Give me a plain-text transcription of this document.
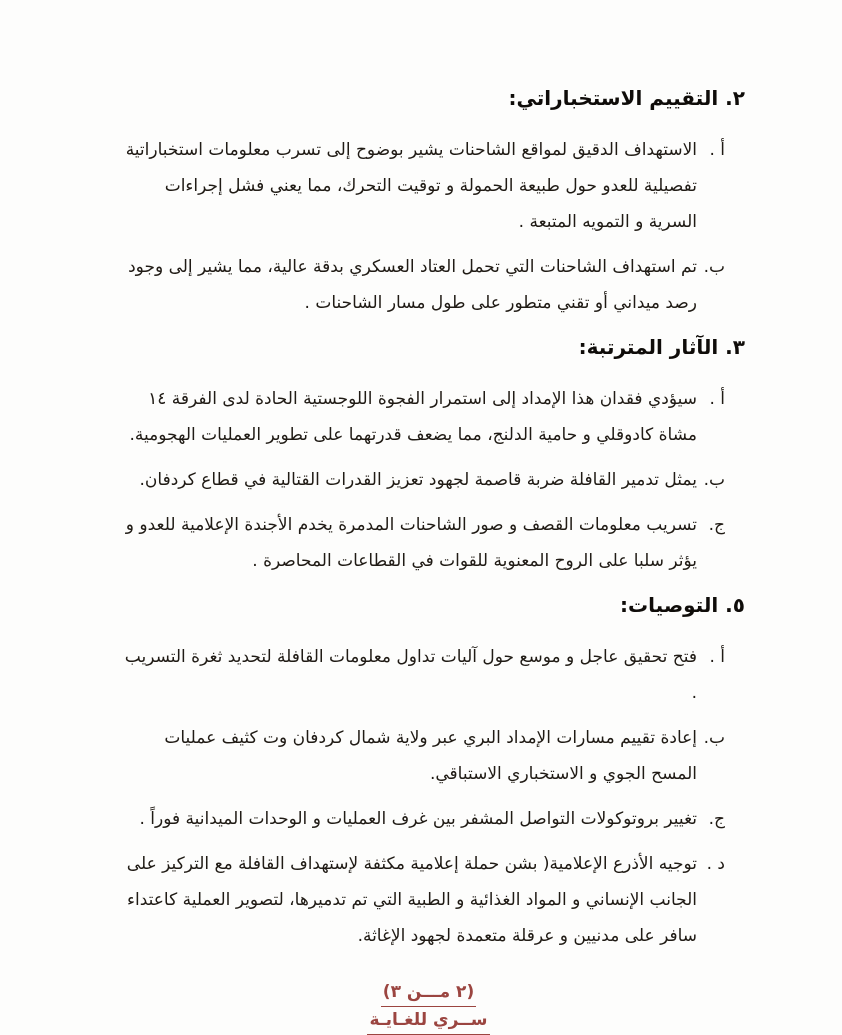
٢. التقييم الاستخباراتي:
أ .
الاستهداف الدقيق لمواقع الشاحنات يشير بوضوح إلى تسرب معلومات استخباراتية تفصيلية للعدو حول طبيعة الحمولة و توقيت التحرك، مما يعني فشل إجراءات السرية و التمويه المتبعة .
ب.
تم استهداف الشاحنات التي تحمل العتاد العسكري بدقة عالية، مما يشير إلى وجود رصد ميداني أو تقني متطور على طول مسار الشاحنات .
٣. الآثار المترتبة:
أ .
سيؤدي فقدان هذا الإمداد إلى استمرار الفجوة اللوجستية الحادة لدى الفرقة ١٤ مشاة كادوقلي و حامية الدلنج، مما يضعف قدرتهما على تطوير العمليات الهجومية.
ب.
يمثل تدمير القافلة ضربة قاصمة لجهود تعزيز القدرات القتالية في قطاع كردفان.
ج.
تسريب معلومات القصف و صور الشاحنات المدمرة يخدم الأجندة الإعلامية للعدو و يؤثر سلبا على الروح المعنوية للقوات في القطاعات المحاصرة .
٥. التوصيات:
أ .
فتح تحقيق عاجل و موسع حول آليات تداول معلومات القافلة لتحديد ثغرة التسريب .
ب.
إعادة تقييم مسارات الإمداد البري عبر ولاية شمال كردفان وت كثيف عمليات المسح الجوي و الاستخباري الاستباقي.
ج.
تغيير بروتوكولات التواصل المشفر بين غرف العمليات و الوحدات الميدانية فوراً .
د .
توجيه الأذرع الإعلامية( بشن حملة إعلامية مكثفة لإستهداف القافلة مع التركيز على الجانب الإنساني و المواد الغذائية و الطبية التي تم تدميرها، لتصوير العملية كاعتداء سافر على مدنيين و عرقلة متعمدة لجهود الإغاثة.
(٢ مـــن ٣)
ســري للغـايـة
